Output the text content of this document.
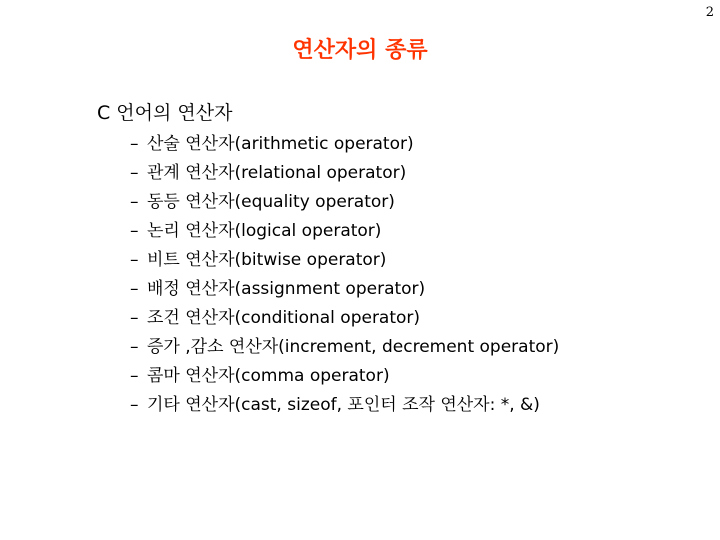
2
연산자의 종류
C 언어의 연산자
– 산술 연산자(arithmetic operator)
– 관계 연산자(relational operator)
– 동등 연산자(equality operator)
– 논리 연산자(logical operator)
– 비트 연산자(bitwise operator)
– 배정 연산자(assignment operator)
– 조건 연산자(conditional operator)
– 증가 ,감소 연산자(increment, decrement operator)
– 콤마 연산자(comma operator)
– 기타 연산자(cast, sizeof, 포인터 조작 연산자: *, &)
